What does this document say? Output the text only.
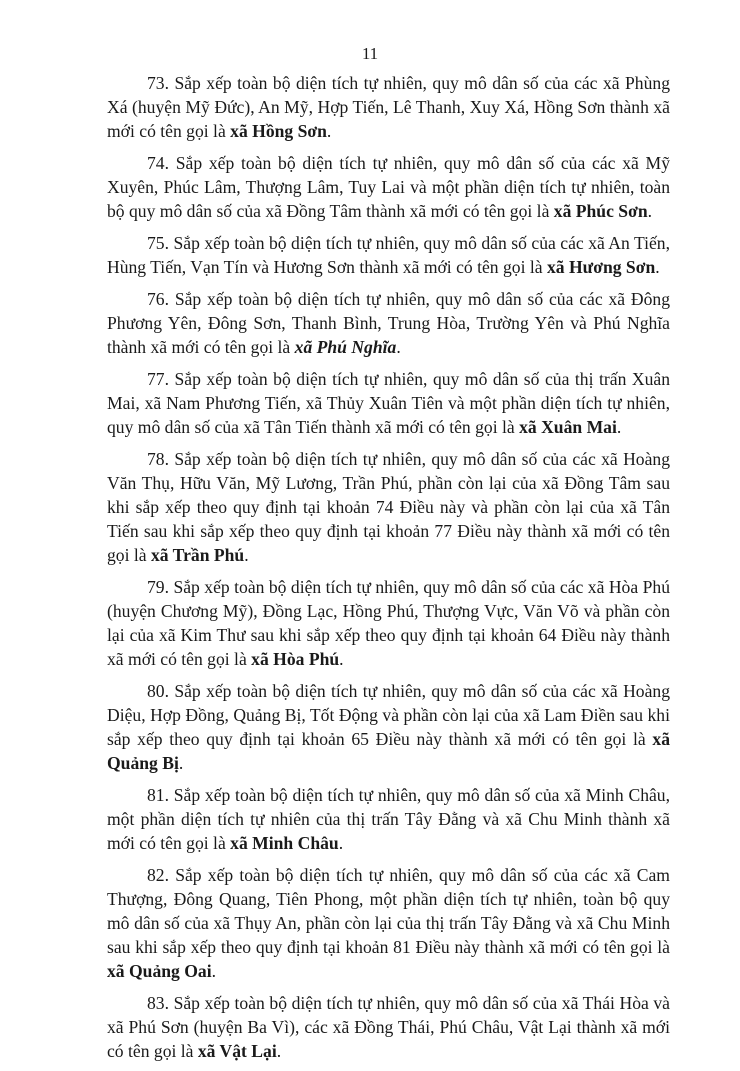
11

73. Sắp xếp toàn bộ diện tích tự nhiên, quy mô dân số của các xã Phùng Xá (huyện Mỹ Đức), An Mỹ, Hợp Tiến, Lê Thanh, Xuy Xá, Hồng Sơn thành xã mới có tên gọi là xã Hồng Sơn.

74. Sắp xếp toàn bộ diện tích tự nhiên, quy mô dân số của các xã Mỹ Xuyên, Phúc Lâm, Thượng Lâm, Tuy Lai và một phần diện tích tự nhiên, toàn bộ quy mô dân số của xã Đồng Tâm thành xã mới có tên gọi là xã Phúc Sơn.

75. Sắp xếp toàn bộ diện tích tự nhiên, quy mô dân số của các xã An Tiến, Hùng Tiến, Vạn Tín và Hương Sơn thành xã mới có tên gọi là xã Hương Sơn.

76. Sắp xếp toàn bộ diện tích tự nhiên, quy mô dân số của các xã Đông Phương Yên, Đông Sơn, Thanh Bình, Trung Hòa, Trường Yên và Phú Nghĩa thành xã mới có tên gọi là xã Phú Nghĩa.

77. Sắp xếp toàn bộ diện tích tự nhiên, quy mô dân số của thị trấn Xuân Mai, xã Nam Phương Tiến, xã Thủy Xuân Tiên và một phần diện tích tự nhiên, quy mô dân số của xã Tân Tiến thành xã mới có tên gọi là xã Xuân Mai.

78. Sắp xếp toàn bộ diện tích tự nhiên, quy mô dân số của các xã Hoàng Văn Thụ, Hữu Văn, Mỹ Lương, Trần Phú, phần còn lại của xã Đồng Tâm sau khi sắp xếp theo quy định tại khoản 74 Điều này và phần còn lại của xã Tân Tiến sau khi sắp xếp theo quy định tại khoản 77 Điều này thành xã mới có tên gọi là xã Trần Phú.

79. Sắp xếp toàn bộ diện tích tự nhiên, quy mô dân số của các xã Hòa Phú (huyện Chương Mỹ), Đồng Lạc, Hồng Phú, Thượng Vực, Văn Võ và phần còn lại của xã Kim Thư sau khi sắp xếp theo quy định tại khoản 64 Điều này thành xã mới có tên gọi là xã Hòa Phú.

80. Sắp xếp toàn bộ diện tích tự nhiên, quy mô dân số của các xã Hoàng Diệu, Hợp Đồng, Quảng Bị, Tốt Động và phần còn lại của xã Lam Điền sau khi sắp xếp theo quy định tại khoản 65 Điều này thành xã mới có tên gọi là xã Quảng Bị.

81. Sắp xếp toàn bộ diện tích tự nhiên, quy mô dân số của xã Minh Châu, một phần diện tích tự nhiên của thị trấn Tây Đằng và xã Chu Minh thành xã mới có tên gọi là xã Minh Châu.

82. Sắp xếp toàn bộ diện tích tự nhiên, quy mô dân số của các xã Cam Thượng, Đông Quang, Tiên Phong, một phần diện tích tự nhiên, toàn bộ quy mô dân số của xã Thụy An, phần còn lại của thị trấn Tây Đằng và xã Chu Minh sau khi sắp xếp theo quy định tại khoản 81 Điều này thành xã mới có tên gọi là xã Quảng Oai.

83. Sắp xếp toàn bộ diện tích tự nhiên, quy mô dân số của xã Thái Hòa và xã Phú Sơn (huyện Ba Vì), các xã Đồng Thái, Phú Châu, Vật Lại thành xã mới có tên gọi là xã Vật Lại.
